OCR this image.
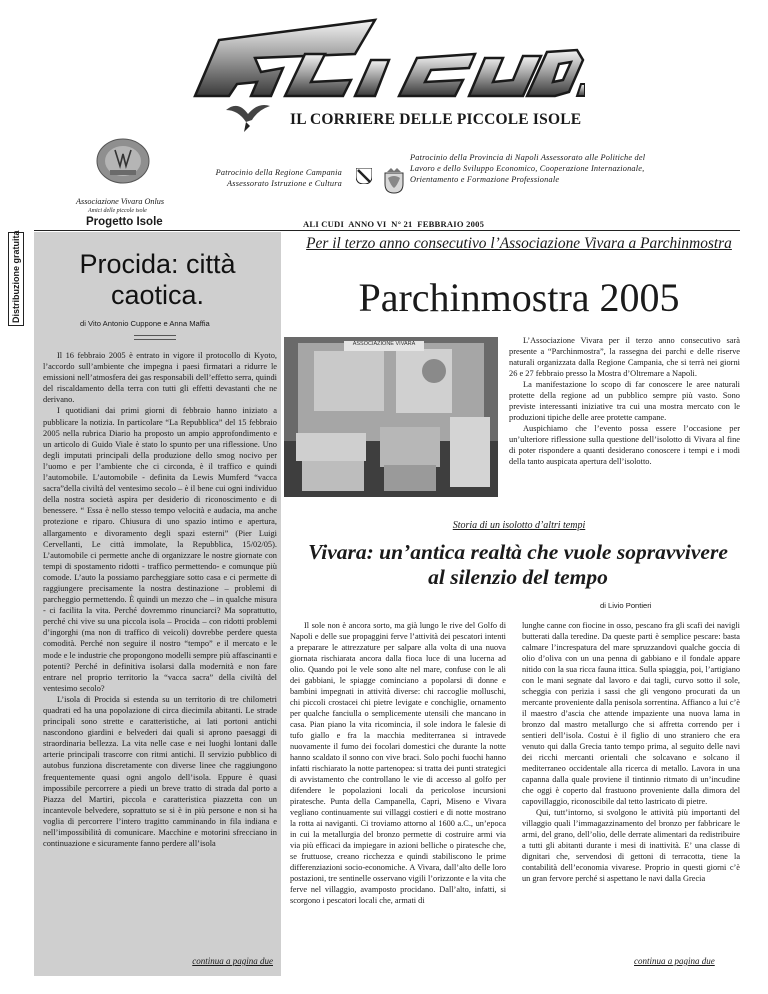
IL CORRIERE DELLE PICCOLE ISOLE
Associazione Vivara Onlus
Amici delle piccole isole
Patrocinio della Regione Campania Assessorato Istruzione e Cultura
Patrocinio della Provincia di Napoli Assessorato alle Politiche del Lavoro e dello Sviluppo Economico, Cooperazione Internazionale, Orientamento e Formazione Professionale
Distribuzione gratuita
Progetto Isole	ALI CUDI  ANNO VI  N° 21  FEBBRAIO 2005
Procida: città
caotica.
di Vito Antonio Cuppone e Anna Maffia

Il 16 febbraio 2005 è entrato in vigore il protocollo di Kyoto, l’accordo sull’ambiente che impegna i paesi firmatari a ridurre le emissioni nell’atmosfera dei gas responsabili dell’effetto serra, quindi del riscaldamento della terra con tutti gli effetti devastanti che ne derivano.

I quotidiani dai primi giorni di febbraio hanno iniziato a pubblicare la notizia. In particolare “La Repubblica” del 15 febbraio 2005 nella rubrica Diario ha proposto un ampio approfondimento e un articolo di Guido Viale è stato lo spunto per una riflessione. Uno degli imputati principali della produzione dello smog nocivo per l’uomo e per l’ambiente che ci circonda, è il traffico e quindi l’automobile. L’automobile - definita da Lewis Mumferd “vacca sacra”della civiltà del ventesimo secolo – è il bene cui ogni individuo della nostra società aspira per desiderio di riconoscimento e di benessere. “ Essa è nello stesso tempo velocità e audacia, ma anche protezione e riparo. Chiusura di uno spazio intimo e apertura, allargamento e divoramento degli spazi esterni” (Pier Luigi Cervellanti, Le città immolate, la Repubblica, 15/02/05). L’automobile ci permette anche di organizzare le nostre giornate con tempi di spostamento ridotti - traffico permettendo- e comunque più comode. L’auto la possiamo parcheggiare sotto casa e ci permette di raggiungere precisamente la nostra destinazione – problemi di parcheggio permettendo. È quindi un mezzo che – in qualche misura - ci facilita la vita. Perché dovremmo rinunciarci? Ma soprattutto, perché chi vive su una piccola isola – Procida – con ridotti problemi d’ingorghi (ma non di traffico di veicoli) dovrebbe perdere questa comodità. Perché non seguire il nostro “tempo” e il mercato e le mode e le industrie che propongono modelli sempre più affascinanti e potenti? Perché in definitiva isolarsi dalla modernità e non fare entrare nel proprio territorio la “vacca sacra” della civiltà del ventesimo secolo?

L’isola di Procida si estenda su un territorio di tre chilometri quadrati ed ha una popolazione di circa diecimila abitanti. Le strade principali sono strette e caratteristiche, ai lati portoni antichi nascondono giardini e belvederi dai quali si aprono paesaggi di straordinaria bellezza. La vita nelle case e nei luoghi lontani dalle arterie principali trascorre con ritmi antichi. Il servizio pubblico di autobus funziona discretamente con diverse linee che raggiungono frequentemente quasi ogni angolo dell’isola. Eppure è quasi impossibile percorrere a piedi un breve tratto di strada dal porto a Piazza del Martiri, piccola e caratteristica piazzetta con un incantevole belvedere, soprattuto se si è in più persone e non si ha voglia di percorrere l’intero tragitto camminando in fila indiana e nell’impossibilità di comunicare. Macchine e motorini sfrecciano in continuazione e sicuramente fanno perdere all’isola

continua a pagina due
Per il terzo anno consecutivo l’Associazione Vivara a Parchinmostra
Parchinmostra 2005
ASSOCIAZIONE VIVARA	L’Associazione Vivara per il terzo anno consecutivo sarà presente a “Parchinmostra”, la rassegna dei parchi e delle riserve naturali organizzata dalla Regione Campania, che si terrà nei giorni 26 e 27 febbraio presso la Mostra d’Oltremare a Napoli.

La manifestazione lo scopo di far conoscere le aree naturali protette della regione ad un pubblico sempre più vasto. Sono previste interessanti iniziative tra cui una mostra mercato con le produzioni tipiche delle aree protette campane.

Auspichiamo che l’evento possa essere l’occasione per un’ulteriore riflessione sulla questione dell’isolotto di Vivara al fine di poter rispondere a quanti desiderano conoscere i tempi e i modi della tanto auspicata apertura dell’isolotto.

Storia di un isolotto d’altri tempi
Vivara: un’antica realtà che vuole sopravvivere
al silenzio del tempo
di Livio Pontieri

Il sole non è ancora sorto, ma già lungo le rive del Golfo di Napoli e delle sue propaggini ferve l’attività dei pescatori intenti a preparare le attrezzature per salpare alla volta di una nuova giornata rischiarata ancora dalla fioca luce di una lucerna ad olio. Quando poi le vele sono alte nel mare, confuse con le ali dei gabbiani, le spiagge cominciano a popolarsi di donne e bambini impegnati in attività diverse: chi raccoglie molluschi, chi piccoli crostacei chi pietre levigate e conchiglie, ornamento per qualche fanciulla o semplicemente utensili che mancano in casa. Pian piano la vita ricomincia, il sole indora le falesie di tufo giallo e fra la macchia mediterranea si intravede nuovamente il fumo dei focolari domestici che durante la notte hanno scaldato il sonno con vive braci. Solo pochi fuochi hanno infatti rischiarato la notte partenopea: si tratta dei punti strategici di avvistamento che controllano le vie di accesso al golfo per difendere le popolazioni locali da pericolose incursioni piratesche. Punta della Campanella, Capri, Miseno e Vivara vegliano continuamente sui villaggi costieri e di notte mostrano la rotta ai naviganti. Ci troviamo attorno al 1600 a.C., un’epoca in cui la metallurgia del bronzo permette di costruire armi via via più efficaci da impiegare in azioni belliche o piratesche che, se fruttuose, creano ricchezza e quindi stabiliscono le prime differenziazioni socio-economiche. A Vivara, dall’alto delle loro postazioni, tre sentinelle osservano vigili l’orizzonte e la vita che ferve nel villaggio, avamposto procidano. Dall’alto, infatti, si scorgono i pescatori locali che, armati di

lunghe canne con fiocine in osso, pescano fra gli scafi dei navigli butterati dalla teredine. Da queste parti è semplice pescare: basta calmare l’increspatura del mare spruzzandovi qualche goccia di olio d’oliva con un una penna di gabbiano e il fondale appare nitido con la sua ricca fauna ittica. Sulla spiaggia, poi, l’artigiano con le mani segnate dal lavoro e dai tagli, curvo sotto il sole, scheggia con perizia i sassi che gli vengono procurati da un mercante proveniente dalla penisola sorrentina. Affianco a lui c’è il maestro d’ascia che attende impaziente una nuova lama in bronzo dal mastro metallurgo che si affretta correndo per i sentieri dell’isola. Costui è il figlio di uno straniero che era venuto qui dalla Grecia tanto tempo prima, al seguito delle navi dei ricchi mercanti orientali che solcavano e solcano il mediterraneo occidentale alla ricerca di metallo. Lavora in una capanna dalla quale proviene il tintinnio ritmato di un’incudine che oggi è coperto dal frastuono proveniente dalla dimora del capovillaggio, riconoscibile dal tetto lastricato di pietre.

Qui, tutt’intorno, si svolgono le attività più importanti del villaggio quali l’immagazzinamento del bronzo per fabbricare le armi, del grano, dell’olio, delle derrate alimentari da redistribuire a tutti gli abitanti durante i mesi di inattività. E’ una classe di dignitari che, servendosi di gettoni di terracotta, tiene la contabilità dell’economia vivarese. Proprio in questi giorni c’è un gran fervore perché si aspettano le navi dalla Grecia

continua a pagina due
